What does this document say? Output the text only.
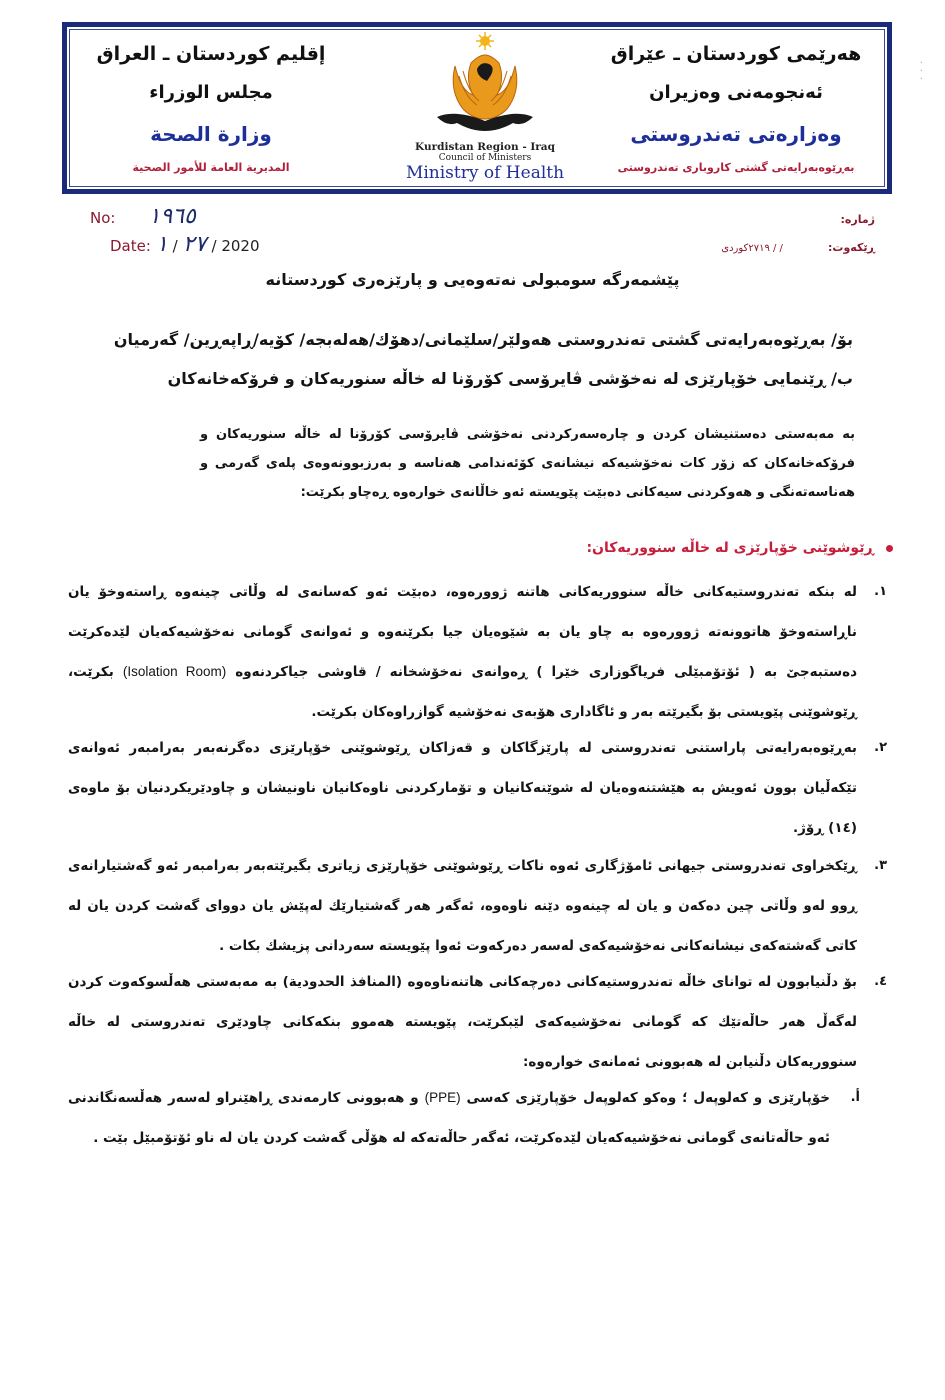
هەرێمی کوردستان ـ عێراق
ئەنجومەنی وەزیران
وەزارەتی تەندروستی
بەڕێوەبەرایەتی گشتی کاروباری تەندروستی
Kurdistan Region - Iraq
Council of Ministers
Ministry of Health
إقليم كوردستان ـ العراق
مجلس الوزراء
وزارة الصحة
المديرية العامة للأمور الصحية
·
·
·
No: ١٩٦٥
Date: ٢٧ / ١	/ 2020
ژمارە:
ڕێکەوت: / / ٢٧١٩کوردی
پێشمەرگە سومبولی نەتەوەیی و پارێزەری کوردستانە
بۆ/ بەڕێوەبەرایەتی گشتی تەندروستی هەولێر/سلێمانی/دهۆك/هەلەبجە/ كۆیە/ڕاپەڕین/ گەرمیان
ب/ ڕێنمایی خۆپارێزی لە نەخۆشی ڤایرۆسی كۆرۆنا لە خاڵە سنوریەكان و فرۆكەخانەكان
بە مەبەستی دەستنیشان كردن و چارەسەركردنی نەخۆشی ڤایرۆسی كۆرۆنا لە خاڵە سنوریەكان و فرۆكەخانەكان كە زۆر كات نەخۆشیەكە نیشانەی كۆئەندامی هەناسە و بەرزبوونەوەی پلەی گەرمی و هەناسەتەنگی و هەوكردنی سیەكانی دەبێت پێویستە ئەو خاڵانەی خوارەوە ڕەچاو بكرێت:
ڕێوشوێنی خۆپارێزی لە خاڵە سنووریەكان:
١.
لە بنكە تەندروستیەكانی خاڵە سنووریەكانی هاتنە ژوورەوە، دەبێت ئەو كەسانەی لە وڵاتی چینەوە ڕاستەوخۆ یان ناڕاستەوخۆ هاتوونەتە ژوورەوە بە چاو یان بە شێوەیان جیا بكرێنەوە و ئەوانەی گومانی نەخۆشیەكەیان لێدەكرێت دەستبەجێ بە ( ئۆتۆمبێلی فریاگوزاری خێرا ) ڕەوانەی نەخۆشخانە / قاوشی جیاكردنەوە (Isolation Room) بكرێت، ڕێوشوێنی پێویستی بۆ بگیرێتە بەر و ئاگاداری هۆبەی نەخۆشیە گوازراوەكان بكرێت.
٢.
بەڕێوەبەرایەتی پاراستنی تەندروستی لە پارێزگاكان و قەزاكان ڕێوشوێنی خۆپارێزی دەگرنەبەر بەرامبەر ئەوانەی تێكەڵیان بوون ئەویش بە هێشتنەوەیان لە شوێنەكانیان و تۆماركردنی ناوەكانیان ناونیشان و چاودێریكردنیان بۆ ماوەی (١٤) ڕۆژ.
٣.
ڕێكخراوی تەندروستی جیهانی ئامۆژگاری ئەوە ناكات ڕێوشوێنی خۆپارێزی زیاتری بگیرێتەبەر بەرامبەر ئەو گەشتیارانەی ڕوو لەو وڵاتی چین دەكەن و یان لە چینەوە دێنە ناوەوە، ئەگەر هەر گەشتیارێك لەپێش یان دووای گەشت كردن یان لە كاتی گەشتەكەی نیشانەكانی نەخۆشیەكەی لەسەر دەركەوت ئەوا پێویستە سەردانی پزیشك بكات .
٤.
بۆ دڵنیابوون لە توانای خاڵە تەندروستیەكانی دەرچەكانی هاتنەناوەوە (المنافذ الحدودية) بە مەبەستی هەڵسوكەوت كردن لەگەڵ هەر حاڵەتێك كە گومانی نەخۆشیەكەی لێبكرێت، پێویستە هەموو بنكەكانی چاودێری تەندروستی لە خاڵە سنووریەكان دڵنیابن لە هەبوونی ئەمانەی خوارەوە:
أ.
خۆپارێزی و كەلوپەل ؛ وەكو كەلوپەل خۆپارێزی كەسی (PPE) و هەبوونی كارمەندی ڕاهێنراو لەسەر هەڵسەنگاندنی ئەو حاڵەتانەی گومانی نەخۆشیەكەیان لێدەكرێت، ئەگەر حاڵەتەكە لە هۆڵی گەشت كردن یان لە ناو ئۆتۆمبێل بێت .
